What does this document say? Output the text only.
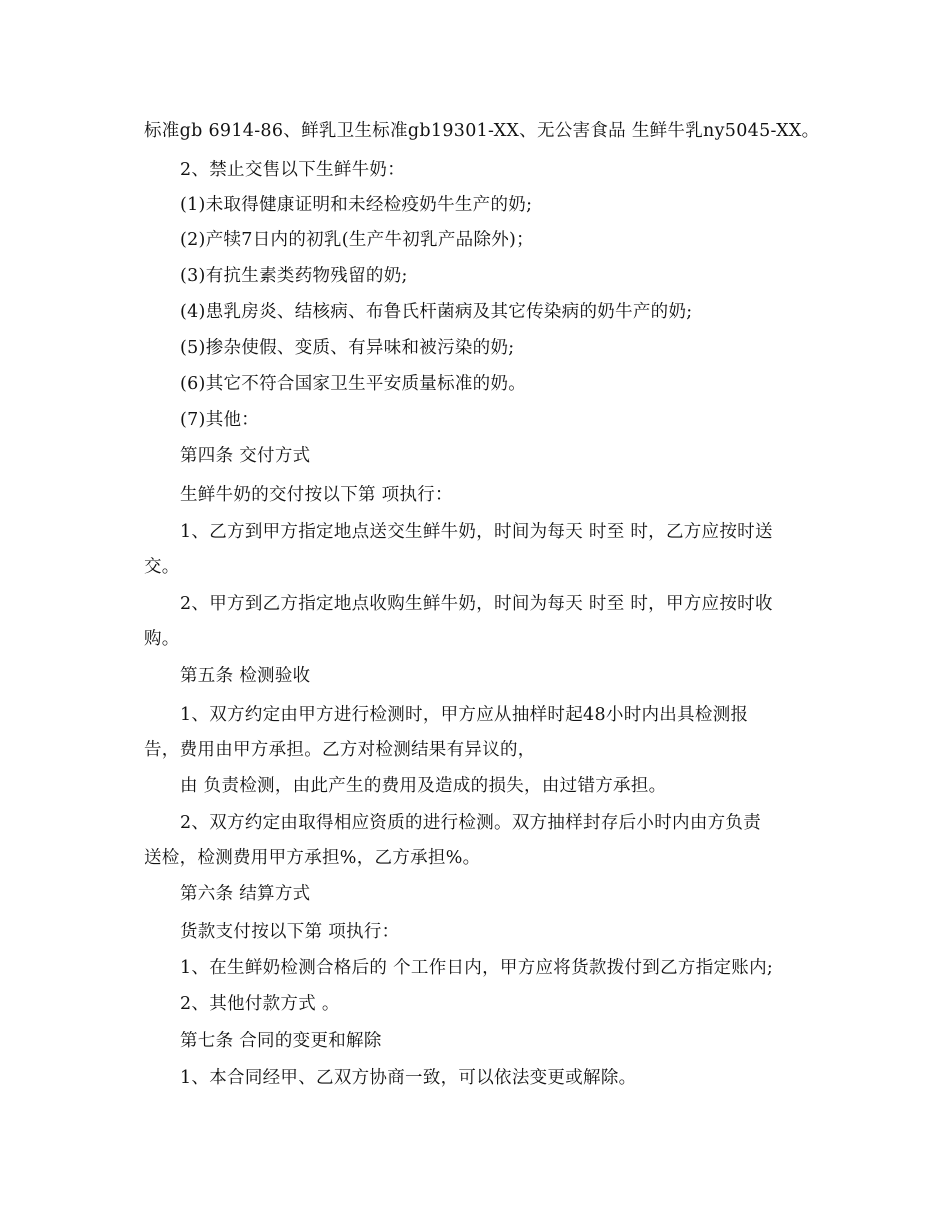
标准gb 6914-86、鲜乳卫生标准gb19301-XX、无公害食品 生鲜牛乳ny5045-XX。
2、禁止交售以下生鲜牛奶：
(1)未取得健康证明和未经检疫奶牛生产的奶;
(2)产犊7日内的初乳(生产牛初乳产品除外)；
(3)有抗生素类药物残留的奶;
(4)患乳房炎、结核病、布鲁氏杆菌病及其它传染病的奶牛产的奶;
(5)掺杂使假、变质、有异味和被污染的奶;
(6)其它不符合国家卫生平安质量标准的奶。
(7)其他：
第四条 交付方式
生鲜牛奶的交付按以下第 项执行：
1、乙方到甲方指定地点送交生鲜牛奶，时间为每天 时至 时，乙方应按时送
交。
2、甲方到乙方指定地点收购生鲜牛奶，时间为每天 时至 时，甲方应按时收
购。
第五条 检测验收
1、双方约定由甲方进行检测时，甲方应从抽样时起48小时内出具检测报
告，费用由甲方承担。乙方对检测结果有异议的，
由 负责检测，由此产生的费用及造成的损失，由过错方承担。
2、双方约定由取得相应资质的进行检测。双方抽样封存后小时内由方负责
送检，检测费用甲方承担%，乙方承担%。
第六条 结算方式
货款支付按以下第 项执行：
1、在生鲜奶检测合格后的 个工作日内，甲方应将货款拨付到乙方指定账内;
2、其他付款方式 。
第七条 合同的变更和解除
1、本合同经甲、乙双方协商一致，可以依法变更或解除。
